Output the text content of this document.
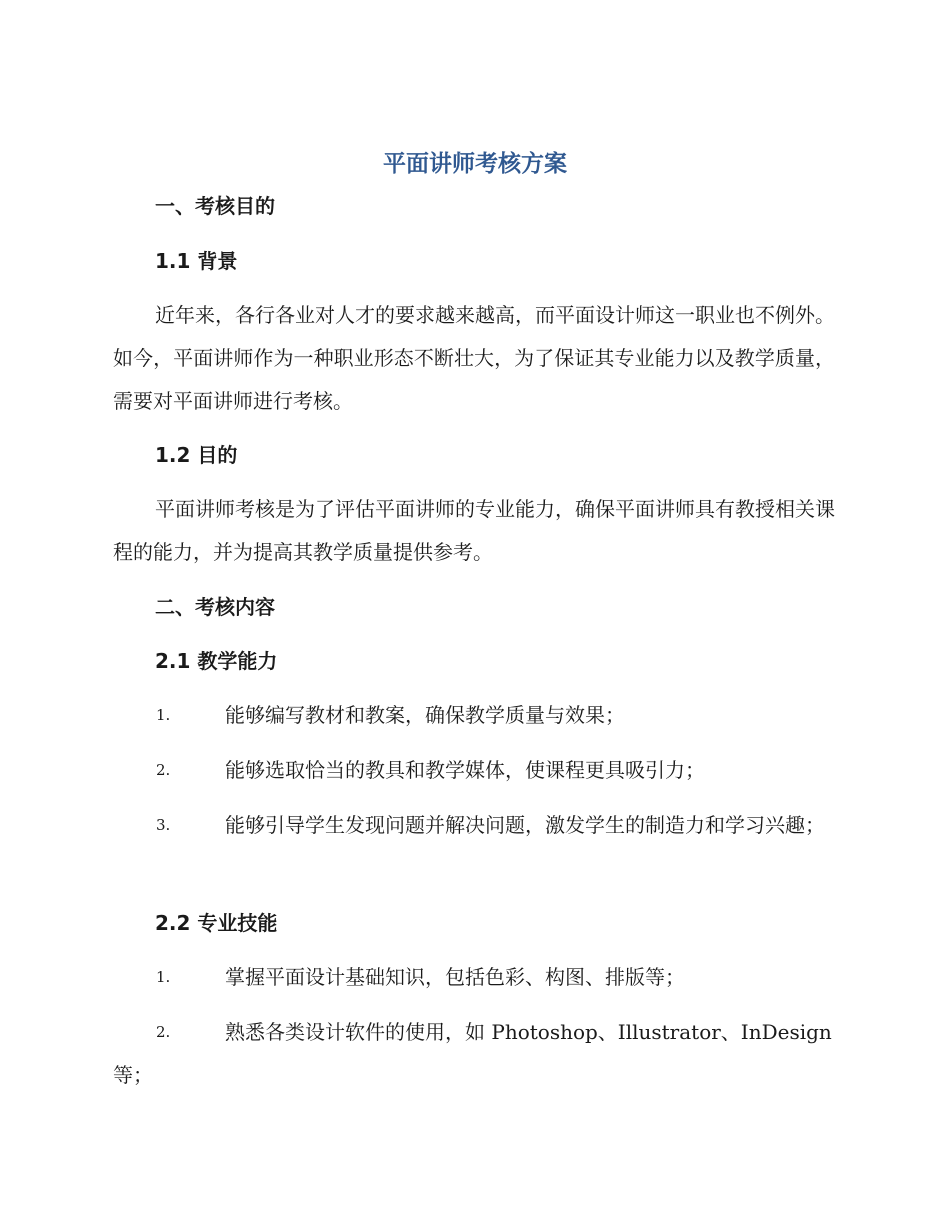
平面讲师考核方案
一、考核目的
1.1 背景
近年来，各行各业对人才的要求越来越高，而平面设计师这一职业也不例外。如今，平面讲师作为一种职业形态不断壮大，为了保证其专业能力以及教学质量，需要对平面讲师进行考核。
1.2 目的
平面讲师考核是为了评估平面讲师的专业能力，确保平面讲师具有教授相关课程的能力，并为提高其教学质量提供参考。
二、考核内容
2.1 教学能力
1.	能够编写教材和教案，确保教学质量与效果；
2.	能够选取恰当的教具和教学媒体，使课程更具吸引力；
3.	能够引导学生发现问题并解决问题，激发学生的制造力和学习兴趣；
2.2 专业技能
1.	掌握平面设计基础知识，包括色彩、构图、排版等；
2.	熟悉各类设计软件的使用，如 Photoshop、Illustrator、InDesign 等；
